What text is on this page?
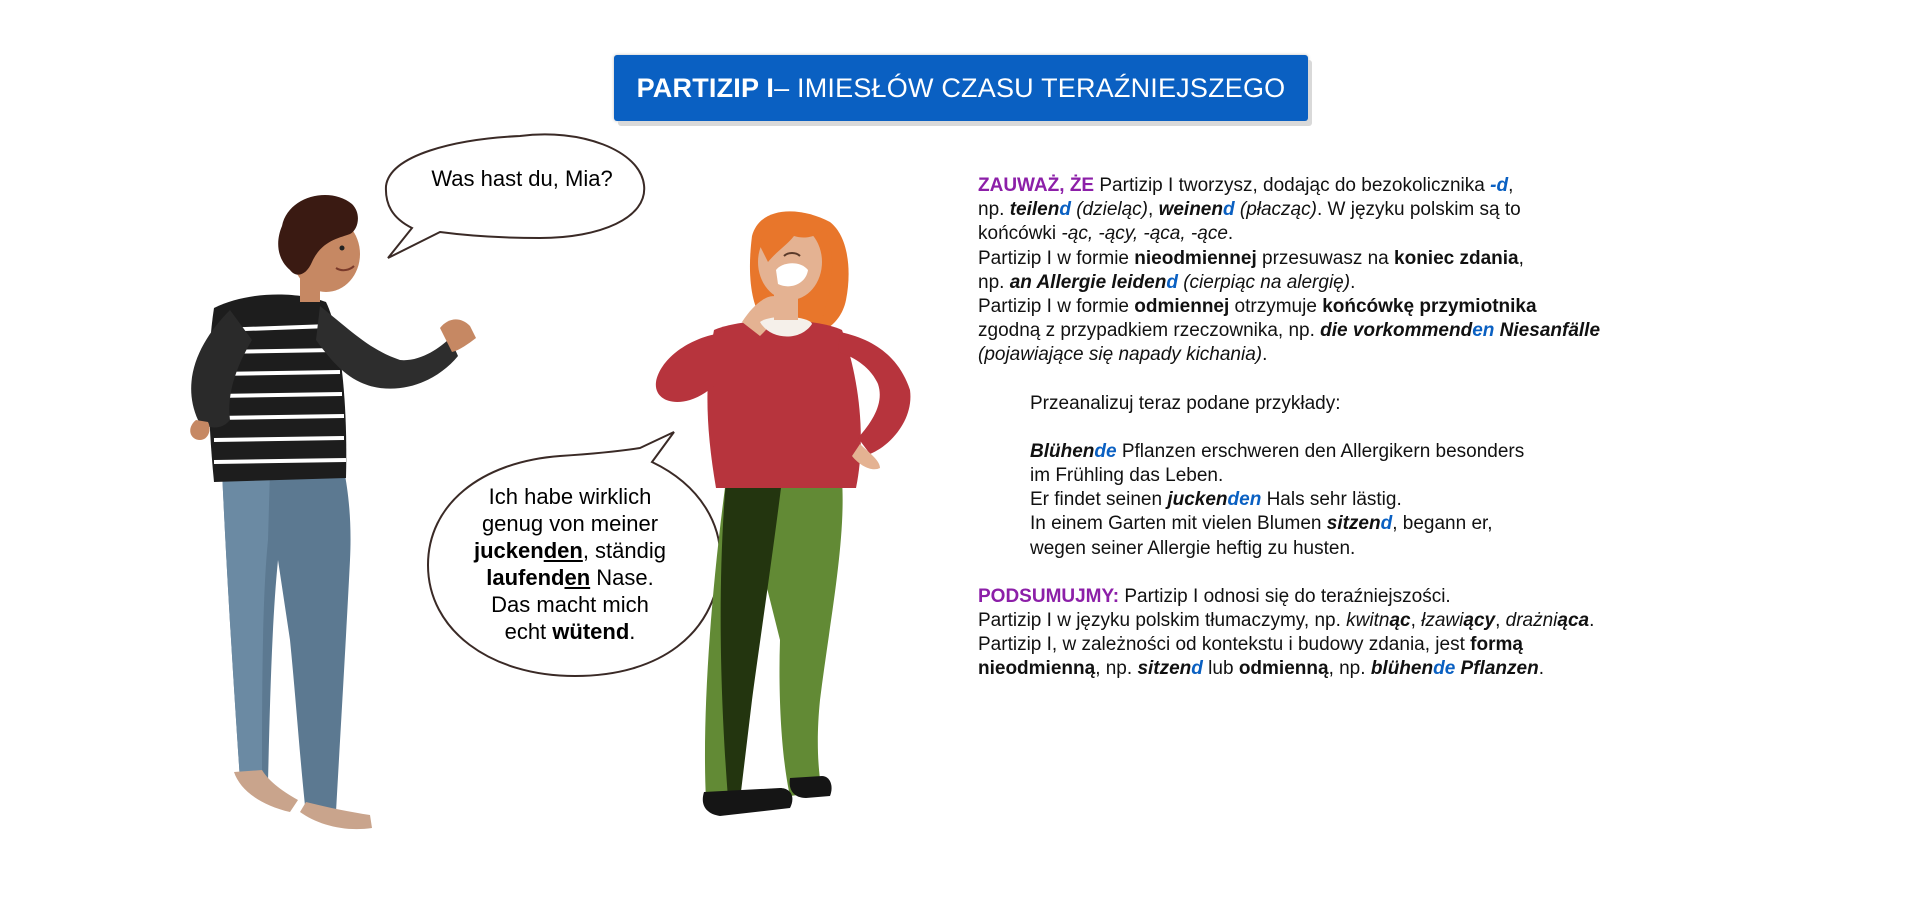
PARTIZIP I – IMIESŁÓW CZASU TERAŹNIEJSZEGO
Was hast du, Mia?
Ich habe wirklich
genug von meiner
juckenden, ständig
laufenden Nase.
Das macht mich
echt wütend.

ZAUWAŻ, ŻE Partizip I tworzysz, dodając do bezokolicznika -d,

np. teilend (dzieląc), weinend (płacząc). W języku polskim są to

końcówki -ąc, -ący, -ąca, -ące.

Partizip I w formie nieodmiennej przesuwasz na koniec zdania,

np. an Allergie leidend (cierpiąc na alergię).

Partizip I w formie odmiennej otrzymuje końcówkę przymiotnika

zgodną z przypadkiem rzeczownika, np. die vorkommenden Niesanfälle

(pojawiające się napady kichania).

Przeanalizuj teraz podane przykłady:

Blühende Pflanzen erschweren den Allergikern besonders

im Frühling das Leben.

Er findet seinen juckenden Hals sehr lästig.

In einem Garten mit vielen Blumen sitzend, begann er,

wegen seiner Allergie heftig zu husten.

PODSUMUJMY: Partizip I odnosi się do teraźniejszości.

Partizip I w języku polskim tłumaczymy, np. kwitnąc, łzawiący, drażniąca.

Partizip I, w zależności od kontekstu i budowy zdania, jest formą

nieodmienną, np. sitzend lub odmienną, np. blühende Pflanzen.
